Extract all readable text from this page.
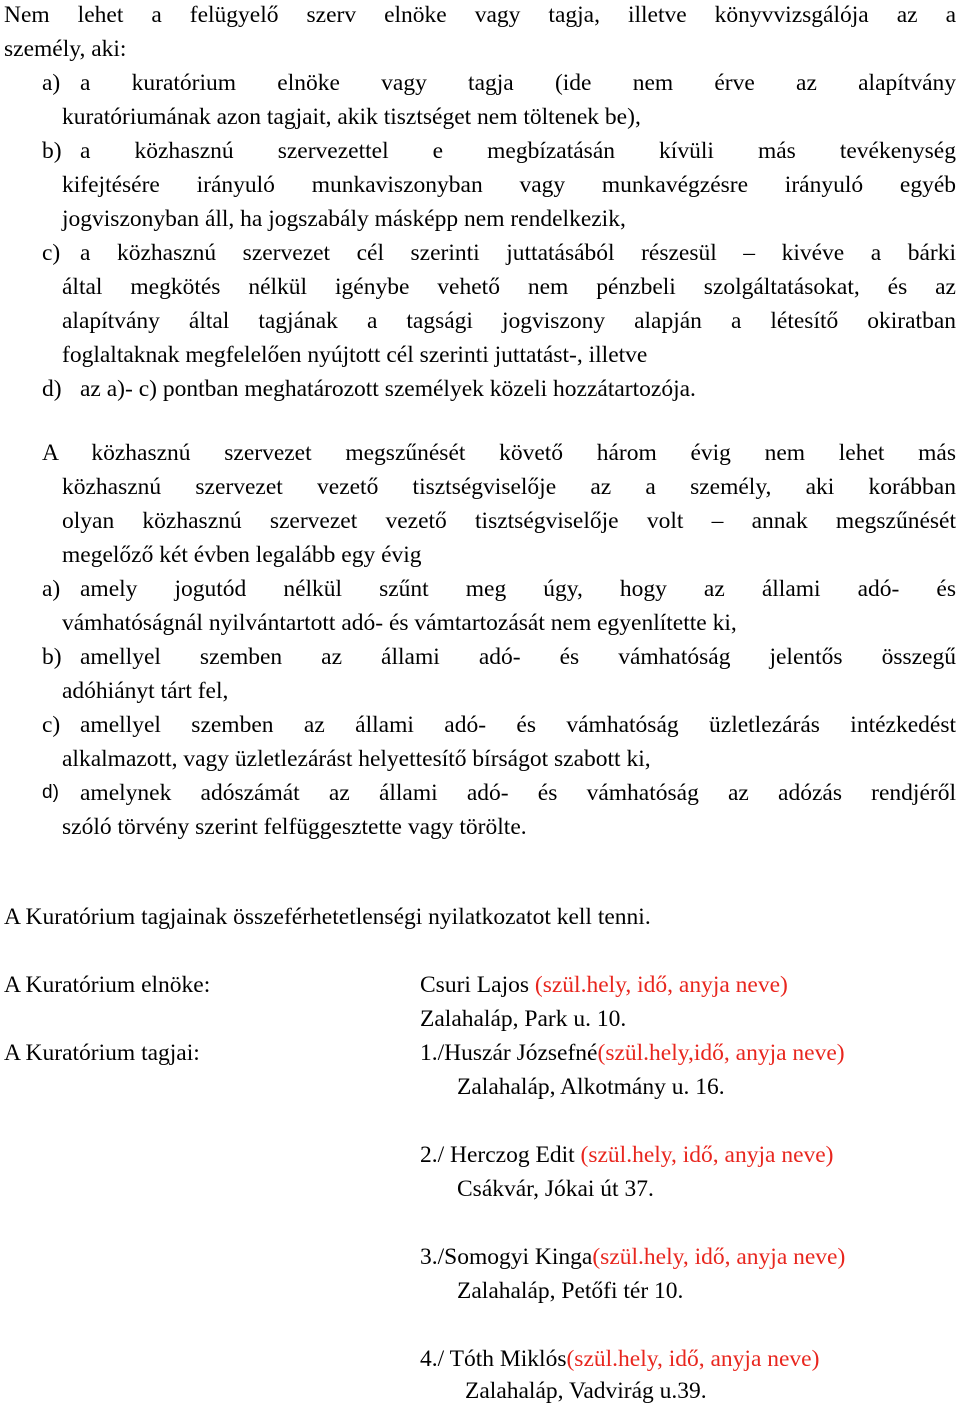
Nem lehet a felügyelő szerv elnöke vagy tagja, illetve könyvvizsgálója az a
személy, aki:
a) a kuratórium elnöke vagy tagja (ide nem érve az alapítvány
kuratóriumának azon tagjait, akik tisztséget nem töltenek be),
b) a közhasznú szervezettel e megbízatásán kívüli más tevékenység
kifejtésére irányuló munkaviszonyban vagy munkavégzésre irányuló egyéb
jogviszonyban áll, ha jogszabály másképp nem rendelkezik,
c) a közhasznú szervezet cél szerinti juttatásából részesül – kivéve a bárki
által megkötés nélkül igénybe vehető nem pénzbeli szolgáltatásokat, és az
alapítvány által tagjának a tagsági jogviszony alapján a létesítő okiratban
foglaltaknak megfelelően nyújtott cél szerinti juttatást-, illetve
d) az a)- c) pontban meghatározott személyek közeli hozzátartozója.
A közhasznú szervezet megszűnését követő három évig nem lehet más
közhasznú szervezet vezető tisztségviselője az a személy, aki korábban
olyan közhasznú szervezet vezető tisztségviselője volt – annak megszűnését
megelőző két évben legalább egy évig
a) amely jogutód nélkül szűnt meg úgy, hogy az állami adó- és
vámhatóságnál nyilvántartott adó- és vámtartozását nem egyenlítette ki,
b) amellyel szemben az állami adó- és vámhatóság jelentős összegű
adóhiányt tárt fel,
c) amellyel szemben az állami adó- és vámhatóság üzletlezárás intézkedést
alkalmazott, vagy üzletlezárást helyettesítő bírságot szabott ki,
d) amelynek adószámát az állami adó- és vámhatóság az adózás rendjéről
szóló törvény szerint felfüggesztette vagy törölte.
A Kuratórium tagjainak összeférhetetlenségi nyilatkozatot kell tenni.
A Kuratórium elnöke:	Csuri Lajos (szül.hely, idő, anyja neve)
Zalahaláp, Park u. 10.
A Kuratórium tagjai:	1./Huszár Józsefné(szül.hely,idő, anyja neve)
Zalahaláp, Alkotmány u. 16.
2./ Herczog Edit (szül.hely, idő, anyja neve)
Csákvár, Jókai út 37.
3./Somogyi Kinga(szül.hely, idő, anyja neve)
Zalahaláp, Petőfi tér 10.
4./ Tóth Miklós(szül.hely, idő, anyja neve)
Zalahaláp, Vadvirág u.39.
